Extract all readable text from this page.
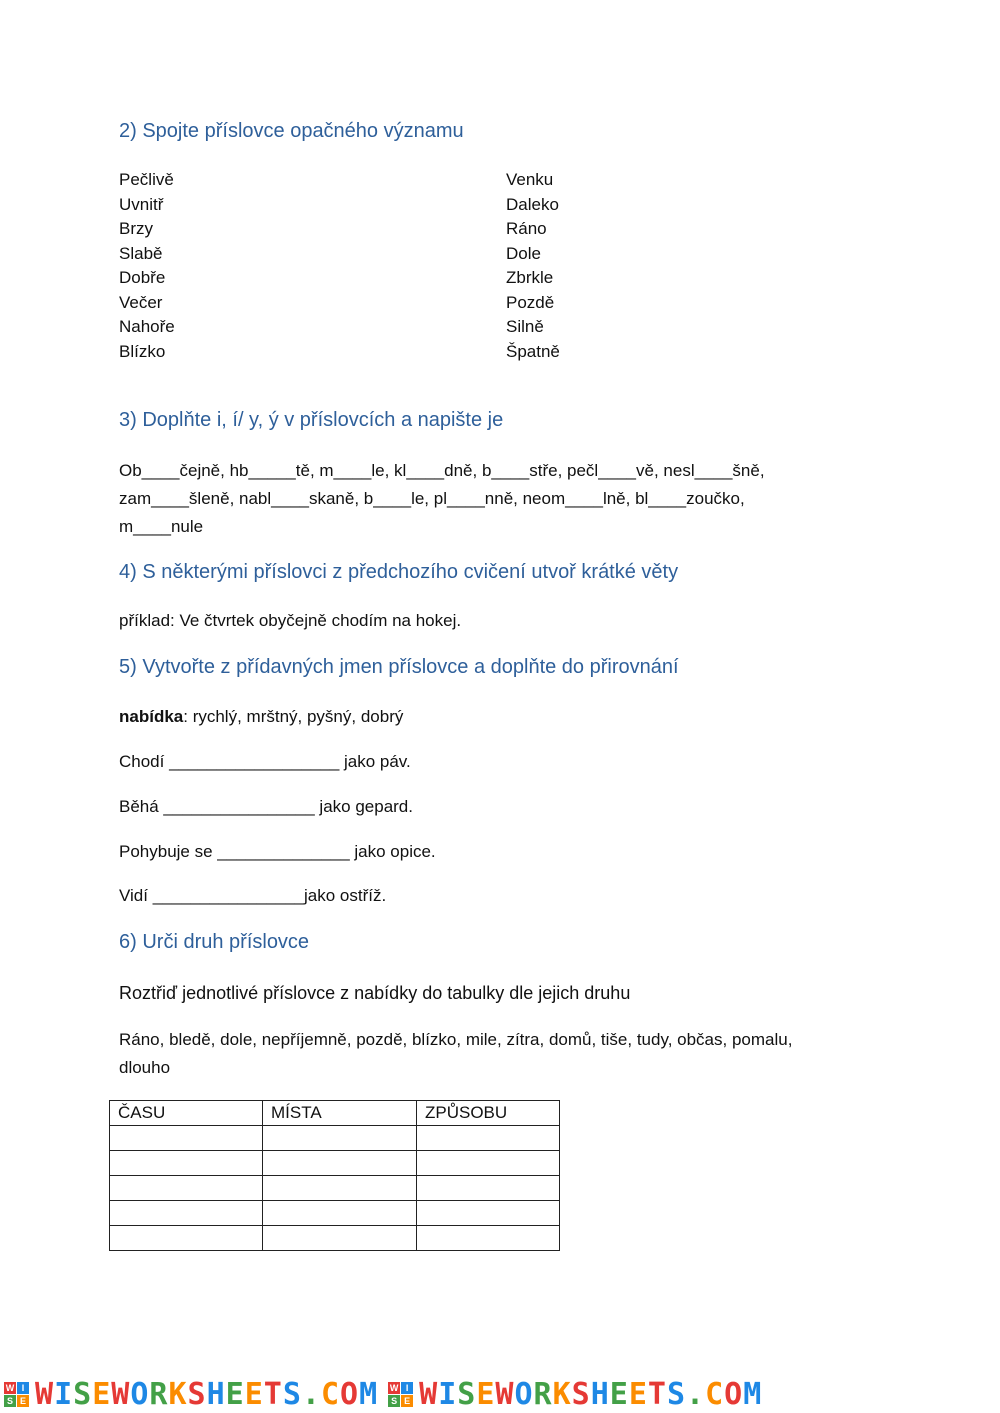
2) Spojte příslovce opačného významu
Pečlivě	Venku
Uvnitř	Daleko
Brzy	Ráno
Slabě	Dole
Dobře	Zbrkle
Večer	Pozdě
Nahoře	Silně
Blízko	Špatně
3) Doplňte i, í/ y, ý v příslovcích a napište je
Ob____čejně, hb_____tě, m____le, kl____dně, b____stře, pečl____vě, nesl____šně,
zam____šleně, nabl____skaně, b____le, pl____nně, neom____lně, bl____zoučko,
m____nule
4) S některými příslovci z předchozího cvičení utvoř krátké věty
příklad: Ve čtvrtek obyčejně chodím na hokej.
5) Vytvořte z přídavných jmen příslovce a doplňte do přirovnání
nabídka: rychlý, mrštný, pyšný, dobrý
Chodí __________________ jako páv.
Běhá ________________ jako gepard.
Pohybuje se ______________ jako opice.
Vidí ________________jako ostříž.
6) Urči druh příslovce
Roztřiď jednotlivé příslovce z nabídky do tabulky dle jejich druhu
Ráno, bledě, dole, nepříjemně, pozdě, blízko, mile, zítra, domů, tiše, tudy, občas, pomalu,
dlouho
ČASU	MÍSTA	ZPŮSOBU

W I
S E WISEWORKSHEETS.COM W I
S E WISEWORKSHEETS.COM
